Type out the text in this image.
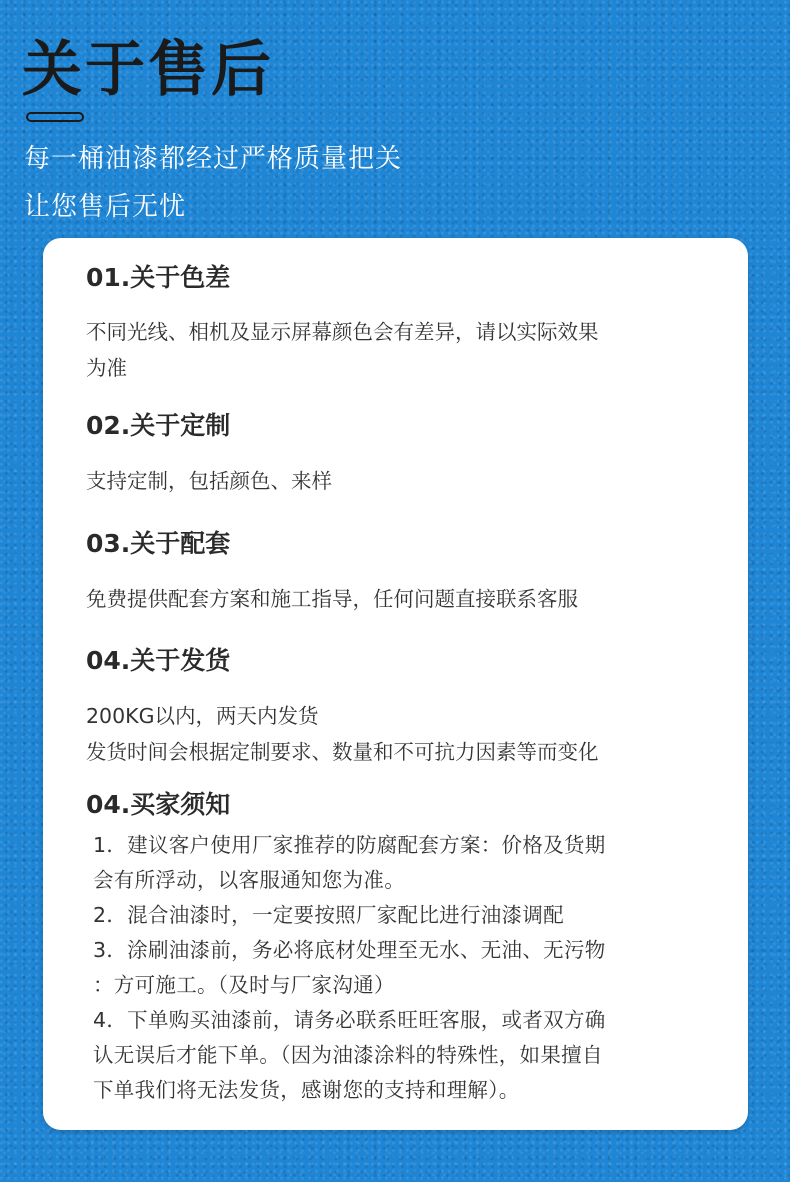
关于售后
每一桶油漆都经过严格质量把关
让您售后无忧
01.关于色差
不同光线、相机及显示屏幕颜色会有差异，请以实际效果
为准
02.关于定制
支持定制，包括颜色、来样
03.关于配套
免费提供配套方案和施工指导，任何问题直接联系客服
04.关于发货
200KG以内，两天内发货
发货时间会根据定制要求、数量和不可抗力因素等而变化
04.买家须知
1．建议客户使用厂家推荐的防腐配套方案：价格及货期
会有所浮动，以客服通知您为准。
2．混合油漆时，一定要按照厂家配比进行油漆调配
3．涂刷油漆前，务必将底材处理至无水、无油、无污物
：方可施工。（及时与厂家沟通）
4．下单购买油漆前，请务必联系旺旺客服，或者双方确
认无误后才能下单。（因为油漆涂料的特殊性，如果擅自
下单我们将无法发货，感谢您的支持和理解）。
